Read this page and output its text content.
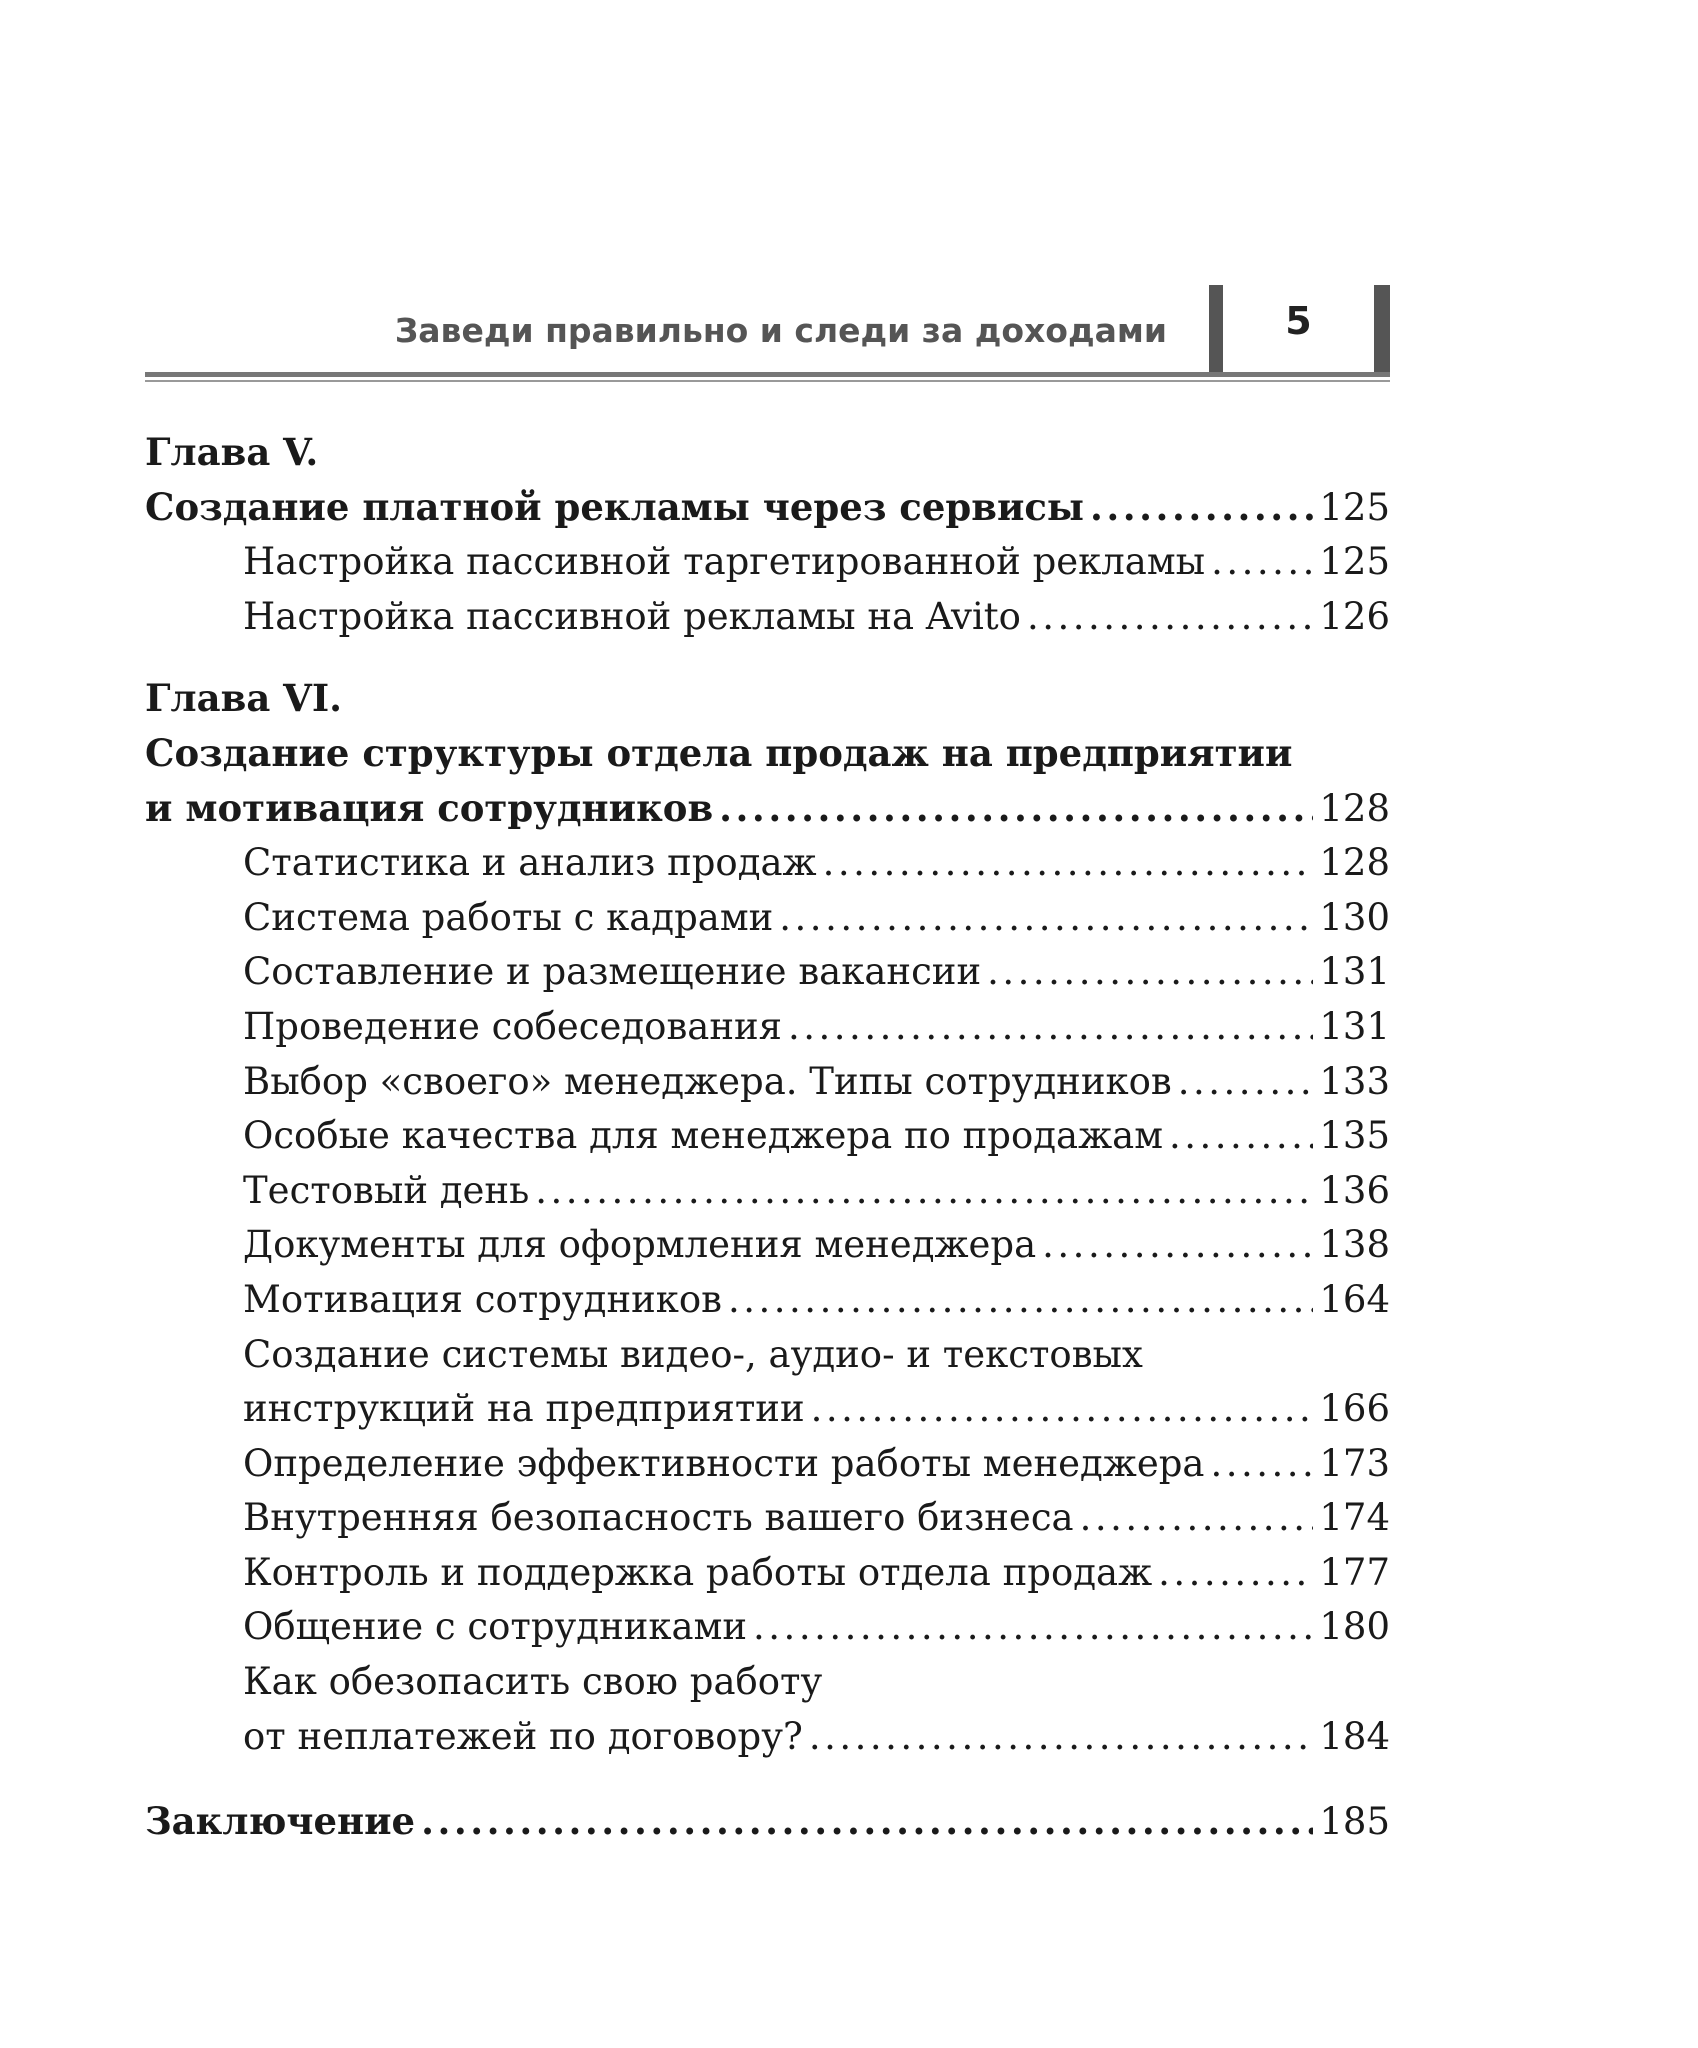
Заведи правильно и следи за доходами	5
Глава V.
Создание платной рекламы через сервисы .....	125
Настройка пассивной таргетированной рекламы .....	125
Настройка пассивной рекламы на Avito .....	126
Глава VI.
Создание структуры отдела продаж на предприятии
и мотивация сотрудников .....	128
Статистика и анализ продаж .....	128
Система работы с кадрами .....	130
Составление и размещение вакансии .....	131
Проведение собеседования .....	131
Выбор «своего» менеджера. Типы сотрудников .....	133
Особые качества для менеджера по продажам .....	135
Тестовый день .....	136
Документы для оформления менеджера .....	138
Мотивация сотрудников .....	164
Создание системы видео-, аудио- и текстовых
инструкций на предприятии .....	166
Определение эффективности работы менеджера .....	173
Внутренняя безопасность вашего бизнеса .....	174
Контроль и поддержка работы отдела продаж .....	177
Общение с сотрудниками .....	180
Как обезопасить свою работу
от неплатежей по договору? .....	184
Заключение .....	185
